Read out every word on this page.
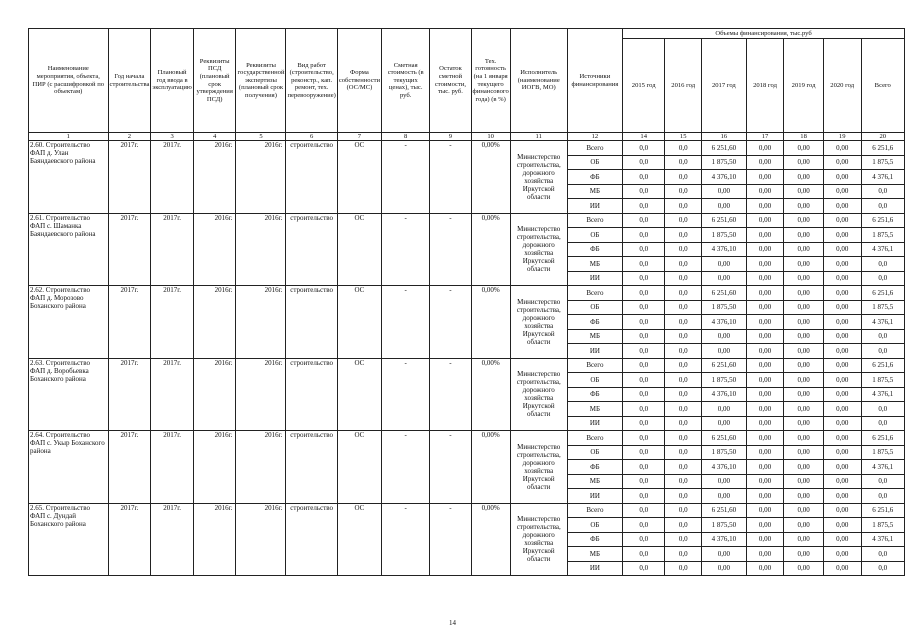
Наименование мероприятия, объекта, ПИР (с расшифровкой по объектам)	Год начала строительства	Плановый год ввода в эксплуатацию	Реквизиты ПСД (плановый срок утверждения ПСД)	Реквизиты государственной экспертизы (плановый срок получения)	Вид работ (строительство, реконстр., кап. ремонт, тех. перевооружение)	Форма собственности (ОС/МС)	Сметная стоимость (в текущих ценах), тыс. руб.	Остаток сметной стоимости, тыс. руб.	Тех. готовность (на 1 января текущего финансового года) (в %)	Исполнитель (наименование ИОГВ, МО)	Источники финансирования	Объемы финансирования, тыс.руб						
												2015 год	2016 год	2017 год	2018 год	2019 год	2020 год	Всего
1	2	3	4	5	6	7	8	9	10	11	12	14	15	16	17	18	19	20
2.60. Строительство ФАП д. Улан Баяндаевского района	2017г.	2017г.	2016г.	2016г.	строительство	ОС	-	-	0,00%	Министерство строительства, дорожного хозяйства Иркутской области	Всего	0,0	0,0	6 251,60	0,00	0,00	0,00	6 251,6
											ОБ	0,0	0,0	1 875,50	0,00	0,00	0,00	1 875,5
											ФБ	0,0	0,0	4 376,10	0,00	0,00	0,00	4 376,1
											МБ	0,0	0,0	0,00	0,00	0,00	0,00	0,0
											ИИ	0,0	0,0	0,00	0,00	0,00	0,00	0,0
2.61. Строительство ФАП с. Шаманка Баяндаевского района	2017г.	2017г.	2016г.	2016г.	строительство	ОС	-	-	0,00%	Министерство строительства, дорожного хозяйства Иркутской области	Всего	0,0	0,0	6 251,60	0,00	0,00	0,00	6 251,6
											ОБ	0,0	0,0	1 875,50	0,00	0,00	0,00	1 875,5
											ФБ	0,0	0,0	4 376,10	0,00	0,00	0,00	4 376,1
											МБ	0,0	0,0	0,00	0,00	0,00	0,00	0,0
											ИИ	0,0	0,0	0,00	0,00	0,00	0,00	0,0
2.62. Строительство ФАП д. Морозово Боханского района	2017г.	2017г.	2016г.	2016г.	строительство	ОС	-	-	0,00%	Министерство строительства, дорожного хозяйства Иркутской области	Всего	0,0	0,0	6 251,60	0,00	0,00	0,00	6 251,6
											ОБ	0,0	0,0	1 875,50	0,00	0,00	0,00	1 875,5
											ФБ	0,0	0,0	4 376,10	0,00	0,00	0,00	4 376,1
											МБ	0,0	0,0	0,00	0,00	0,00	0,00	0,0
											ИИ	0,0	0,0	0,00	0,00	0,00	0,00	0,0
2.63. Строительство ФАП д. Воробьевка Боханского района	2017г.	2017г.	2016г.	2016г.	строительство	ОС	-	-	0,00%	Министерство строительства, дорожного хозяйства Иркутской области	Всего	0,0	0,0	6 251,60	0,00	0,00	0,00	6 251,6
											ОБ	0,0	0,0	1 875,50	0,00	0,00	0,00	1 875,5
											ФБ	0,0	0,0	4 376,10	0,00	0,00	0,00	4 376,1
											МБ	0,0	0,0	0,00	0,00	0,00	0,00	0,0
											ИИ	0,0	0,0	0,00	0,00	0,00	0,00	0,0
2.64. Строительство ФАП с. Укыр Боханского района	2017г.	2017г.	2016г.	2016г.	строительство	ОС	-	-	0,00%	Министерство строительства, дорожного хозяйства Иркутской области	Всего	0,0	0,0	6 251,60	0,00	0,00	0,00	6 251,6
											ОБ	0,0	0,0	1 875,50	0,00	0,00	0,00	1 875,5
											ФБ	0,0	0,0	4 376,10	0,00	0,00	0,00	4 376,1
											МБ	0,0	0,0	0,00	0,00	0,00	0,00	0,0
											ИИ	0,0	0,0	0,00	0,00	0,00	0,00	0,0
2.65. Строительство ФАП с. Дундай Боханского района	2017г.	2017г.	2016г.	2016г.	строительство	ОС	-	-	0,00%	Министерство строительства, дорожного хозяйства Иркутской области	Всего	0,0	0,0	6 251,60	0,00	0,00	0,00	6 251,6
											ОБ	0,0	0,0	1 875,50	0,00	0,00	0,00	1 875,5
											ФБ	0,0	0,0	4 376,10	0,00	0,00	0,00	4 376,1
											МБ	0,0	0,0	0,00	0,00	0,00	0,00	0,0
											ИИ	0,0	0,0	0,00	0,00	0,00	0,00	0,0
14
